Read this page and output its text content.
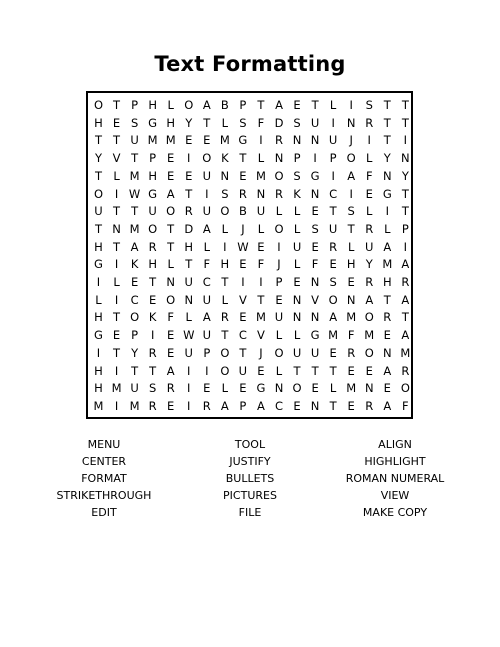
Text Formatting
O T P H L O A B P T A E T L	I	S T T
H E S G H Y T L S F D S U	I	N R T T
T T U M M E E M G	I	R N N U	J	I	T	I
Y V T P E	I	O K T L N P	I	P O L Y N
T L M H E E U N E M O S G	I	A F N Y
O	I W G A T	I	S R N R K N C	I	E G T
U T T U O R U O B U L	L E T S L	I	T
T N M O T D A L	J	L O L S U T R L P
H T A R T H L	I W E	I	U E R L U A	I
G	I	K H L T F H E F	J	L	F E H Y M A
I	L E T N U C T	I	I	P E N S E R H R
L	I	C E O N U L V T E N V O N A T A
H T O K F	L A R E M U N N A M O R T
G E P	I	E W U T C V L	L G M F M E A
I	T Y R E U P O T	J	O U U E R O N M
H	I	T T A	I	I	O U E L T T T E E A R
H M U S R	I	E L E G N O E L M N E O
M I M R E	I	R A P A C E N T E R A F
MENU
CENTER
FORMAT
STRIKETHROUGH
EDIT
TOOL
JUSTIFY
BULLETS
PICTURES
FILE
ALIGN
HIGHLIGHT
ROMAN NUMERAL
VIEW
MAKE COPY
